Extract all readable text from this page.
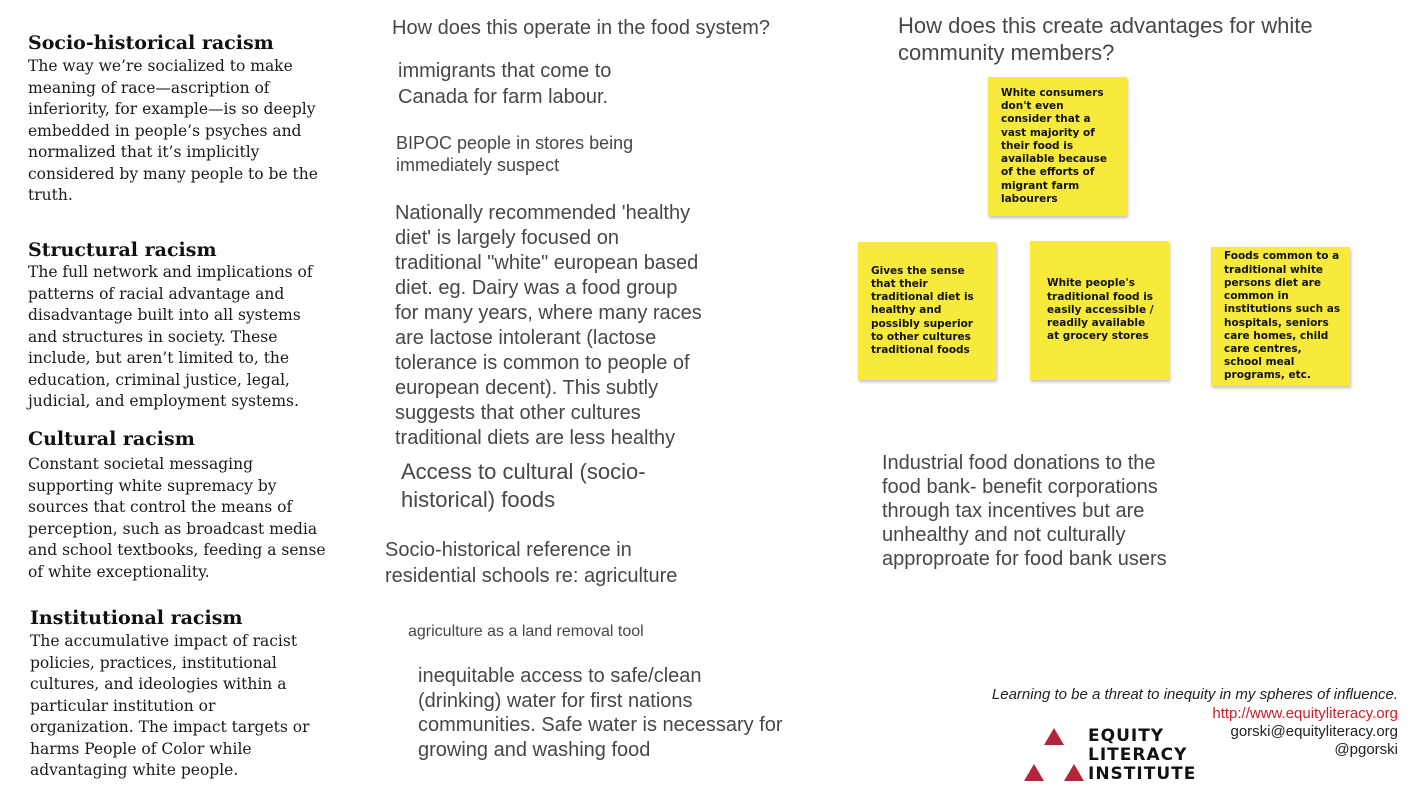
Socio-historical racism

The way we’re socialized to make meaning of race—ascription of inferiority, for example—is so deeply embedded in people’s psyches and normalized that it’s implicitly considered by many people to be the truth.

Structural racism

The full network and implications of patterns of racial advantage and disadvantage built into all systems and structures in society. These include, but aren’t limited to, the education, criminal justice, legal, judicial, and employment systems.

Cultural racism

Constant societal messaging supporting white supremacy by sources that control the means of perception, such as broadcast media and school textbooks, feeding a sense of white exceptionality.

Institutional racism

The accumulative impact of racist policies, practices, institutional cultures, and ideologies within a particular institution or organization. The impact targets or harms People of Color while advantaging white people.

How does this operate in the food system?

immigrants that come to
Canada for farm labour.

BIPOC people in stores being
immediately suspect

Nationally recommended 'healthy
diet' is largely focused on
traditional "white" european based
diet. eg. Dairy was a food group
for many years, where many races
are lactose intolerant (lactose
tolerance is common to people of
european decent). This subtly
suggests that other cultures
traditional diets are less healthy

Access to cultural (socio-
historical) foods

Socio-historical reference in
residential schools re: agriculture

agriculture as a land removal tool

inequitable access to safe/clean
(drinking) water for first nations
communities. Safe water is necessary for
growing and washing food

How does this create advantages for white
community members?

White consumers don't even consider that a vast majority of their food is available because of the efforts of migrant farm labourers
Gives the sense that their traditional diet is healthy and possibly superior to other cultures traditional foods
White people's traditional food is easily accessible / readily available at grocery stores
Foods common to a traditional white persons diet are common in institutions such as hospitals, seniors care homes, child care centres, school meal programs, etc.

Industrial food donations to the
food bank- benefit corporations
through tax incentives but are
unhealthy and not culturally
approproate for food bank users

Learning to be a threat to inequity in my spheres of influence.

http://www.equityliteracy.org

gorski@equityliteracy.org

@pgorski

EQUITY

LITERACY

INSTITUTE
